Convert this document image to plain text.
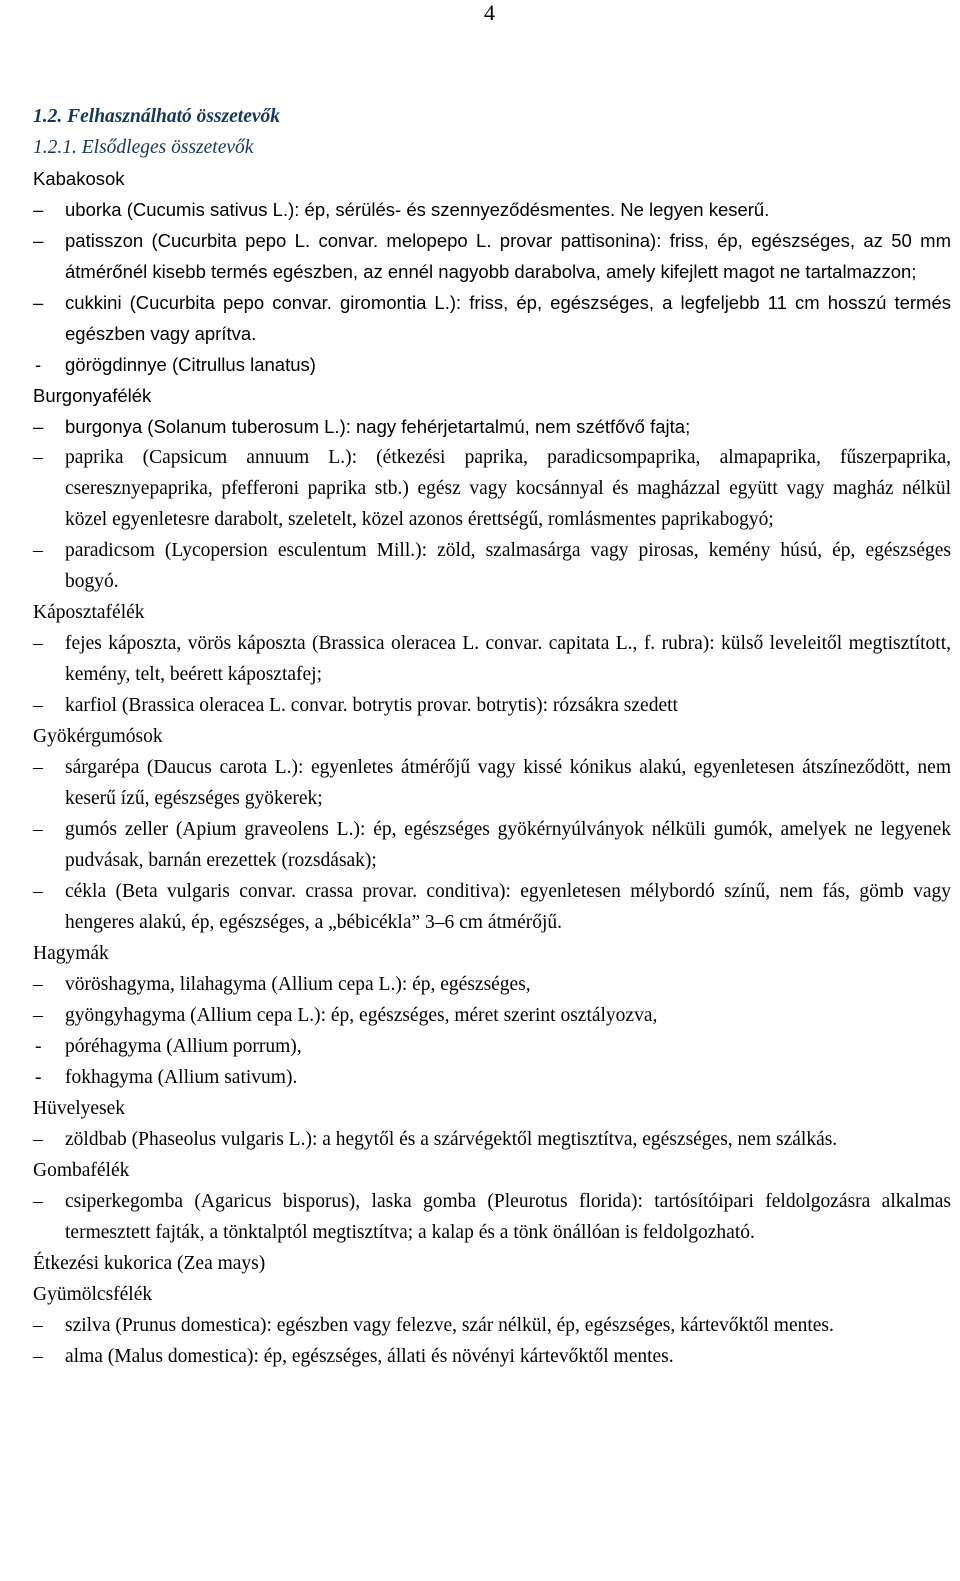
4
1.2. Felhasználható összetevők
1.2.1. Elsődleges összetevők
Kabakosok
–	uborka (Cucumis sativus L.): ép, sérülés- és szennyeződésmentes. Ne legyen keserű.
–	patisszon (Cucurbita pepo L. convar. melopepo L. provar pattisonina): friss, ép, egészséges, az 50 mm átmérőnél kisebb termés egészben, az ennél nagyobb darabolva, amely kifejlett magot ne tartalmazzon;
–	cukkini (Cucurbita pepo convar. giromontia L.): friss, ép, egészséges, a legfeljebb 11 cm hosszú termés egészben vagy aprítva.
-	görögdinnye (Citrullus lanatus)
Burgonyafélék
–	burgonya (Solanum tuberosum L.): nagy fehérjetartalmú, nem szétfővő fajta;
–	paprika (Capsicum annuum L.): (étkezési paprika, paradicsompaprika, almapaprika, fűszerpaprika, cseresznyepaprika, pfefferoni paprika stb.) egész vagy kocsánnyal és magházzal együtt vagy magház nélkül közel egyenletesre darabolt, szeletelt, közel azonos érettségű, romlásmentes paprikabogyó;
–	paradicsom (Lycopersion esculentum Mill.): zöld, szalmasárga vagy pirosas, kemény húsú, ép, egészséges bogyó.
Káposztafélék
–	fejes káposzta, vörös káposzta (Brassica oleracea L. convar. capitata L., f. rubra): külső leveleitől megtisztított, kemény, telt, beérett káposztafej;
–	karfiol (Brassica oleracea L. convar. botrytis provar. botrytis): rózsákra szedett
Gyökérgumósok
–	sárgarépa (Daucus carota L.): egyenletes átmérőjű vagy kissé kónikus alakú, egyenletesen átszíneződött, nem keserű ízű, egészséges gyökerek;
–	gumós zeller (Apium graveolens L.): ép, egészséges gyökérnyúlványok nélküli gumók, amelyek ne legyenek pudvásak, barnán erezettek (rozsdásak);
–	cékla (Beta vulgaris convar. crassa provar. conditiva): egyenletesen mélybordó színű, nem fás, gömb vagy hengeres alakú, ép, egészséges, a „bébicékla” 3–6 cm átmérőjű.
Hagymák
–	vöröshagyma, lilahagyma (Allium cepa L.): ép, egészséges,
–	gyöngyhagyma (Allium cepa L.): ép, egészséges, méret szerint osztályozva,
-	póréhagyma (Allium porrum),
-	fokhagyma (Allium sativum).
Hüvelyesek
–	zöldbab (Phaseolus vulgaris L.): a hegytől és a szárvégektől megtisztítva, egészséges, nem szálkás.
Gombafélék
–	csiperkegomba (Agaricus bisporus), laska gomba (Pleurotus florida): tartósítóipari feldolgozásra alkalmas termesztett fajták, a tönktalptól megtisztítva; a kalap és a tönk önállóan is feldolgozható.
Étkezési kukorica (Zea mays)
Gyümölcsfélék
–	szilva (Prunus domestica): egészben vagy felezve, szár nélkül, ép, egészséges, kártevőktől mentes.
–	alma (Malus domestica): ép, egészséges, állati és növényi kártevőktől mentes.
